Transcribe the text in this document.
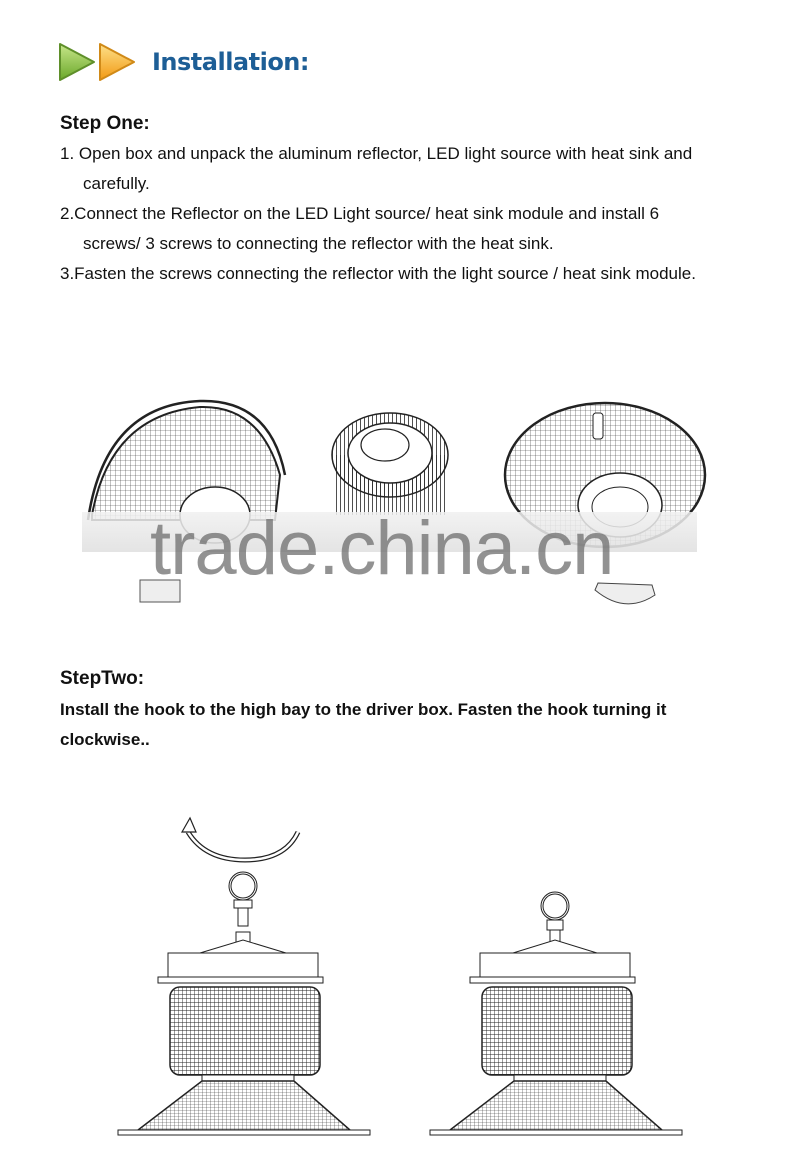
Installation:
Step One:
1. Open box and unpack the aluminum reflector, LED light source with heat sink and
carefully.
2.Connect the Reflector on the LED Light source/ heat sink module and install 6
screws/ 3 screws to connecting the reflector with the heat sink.
3.Fasten the screws connecting the reflector with the light source / heat sink module.
trade.china.cn
StepTwo:
Install the hook to the high bay to the driver box. Fasten the hook turning it
clockwise..
